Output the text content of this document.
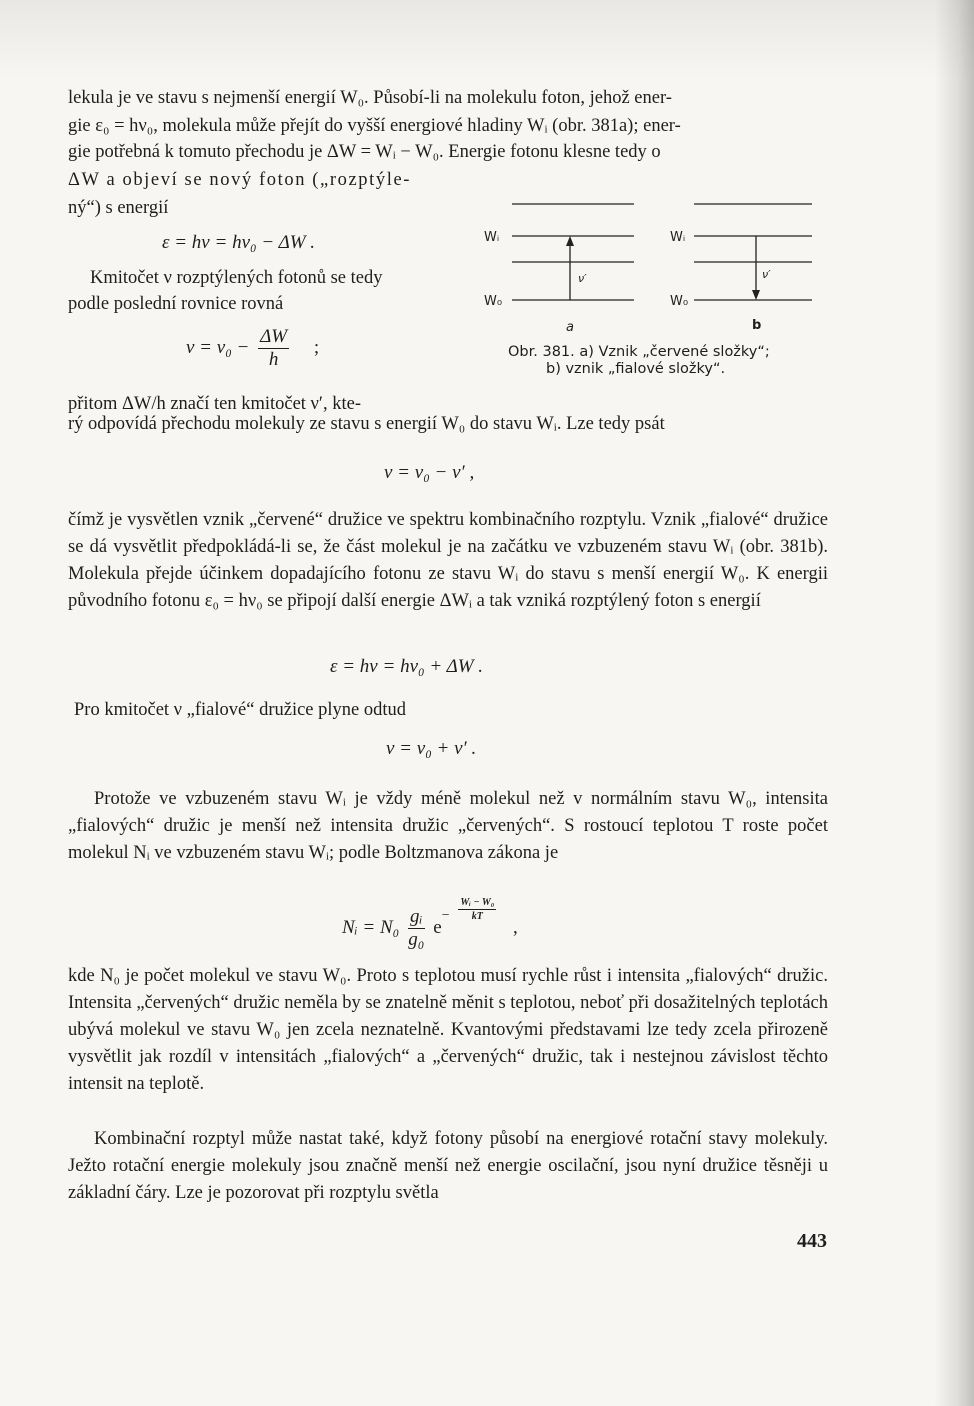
lekula je ve stavu s nejmenší energií W₀. Působí-li na molekulu foton, jehož ener-
gie ε₀ = hν₀, molekula může přejít do vyšší energiové hladiny Wᵢ (obr. 381a); ener-
gie potřebná k tomuto přechodu je ΔW = Wᵢ − W₀. Energie fotonu klesne tedy o
ΔW a objeví se nový foton („rozptýle-
ný“) s energií
ε = hν = hν₀ − ΔW .
Kmitočet ν rozptýlených fotonů se tedy
podle poslední rovnice rovná
$\nu = \nu_0 - \frac{\Delta W}{h}$ ;
přitom ΔW/h značí ten kmitočet ν′, kte-
rý odpovídá přechodu molekuly ze stavu s energií W₀ do stavu Wᵢ. Lze tedy psát
ν = ν₀ − ν′ ,
Wᵢ
W₀
ν′
Wᵢ
W₀
ν′
a	b
Obr. 381. a) Vznik „červené složky“;
b) vznik „fialové složky“.
čímž je vysvětlen vznik „červené“ družice ve spektru kombinačního rozptylu. Vznik „fialové“ družice se dá vysvětlit předpokládá-li se, že část molekul je na začátku ve vzbuzeném stavu Wᵢ (obr. 381b). Molekula přejde účinkem dopadajícího fotonu ze stavu Wᵢ do stavu s menší energií W₀. K energii původního fotonu ε₀ = hν₀ se připojí další energie ΔWᵢ a tak vzniká rozptýlený foton s energií
ε = hν = hν₀ + ΔW .
Pro kmitočet ν „fialové“ družice plyne odtud
ν = ν₀ + ν′ .
Protože ve vzbuzeném stavu Wᵢ je vždy méně molekul než v normálním stavu W₀, intensita „fialových“ družic je menší než intensita družic „červených“. S rostoucí teplotou T roste počet molekul Nᵢ ve vzbuzeném stavu Wᵢ; podle Boltzmanova zákona je
Nᵢ = $N_0 \frac{\text{gᵢ}}{\text{g₀}} e^- \frac{\text{Wᵢ − W₀}}{kT}$
,
kde N₀ je počet molekul ve stavu W₀. Proto s teplotou musí rychle růst i intensita „fialových“ družic. Intensita „červených“ družic neměla by se znatelně měnit s teplotou, neboť při dosažitelných teplotách ubývá molekul ve stavu W₀ jen zcela neznatelně. Kvantovými představami lze tedy zcela přirozeně vysvětlit jak rozdíl v intensitách „fialových“ a „červených“ družic, tak i nestejnou závislost těchto intensit na teplotě.
Kombinační rozptyl může nastat také, když fotony působí na energiové rotační stavy molekuly. Ježto rotační energie molekuly jsou značně menší než energie oscilační, jsou nyní družice těsněji u základní čáry. Lze je pozorovat při rozptylu světla
443
